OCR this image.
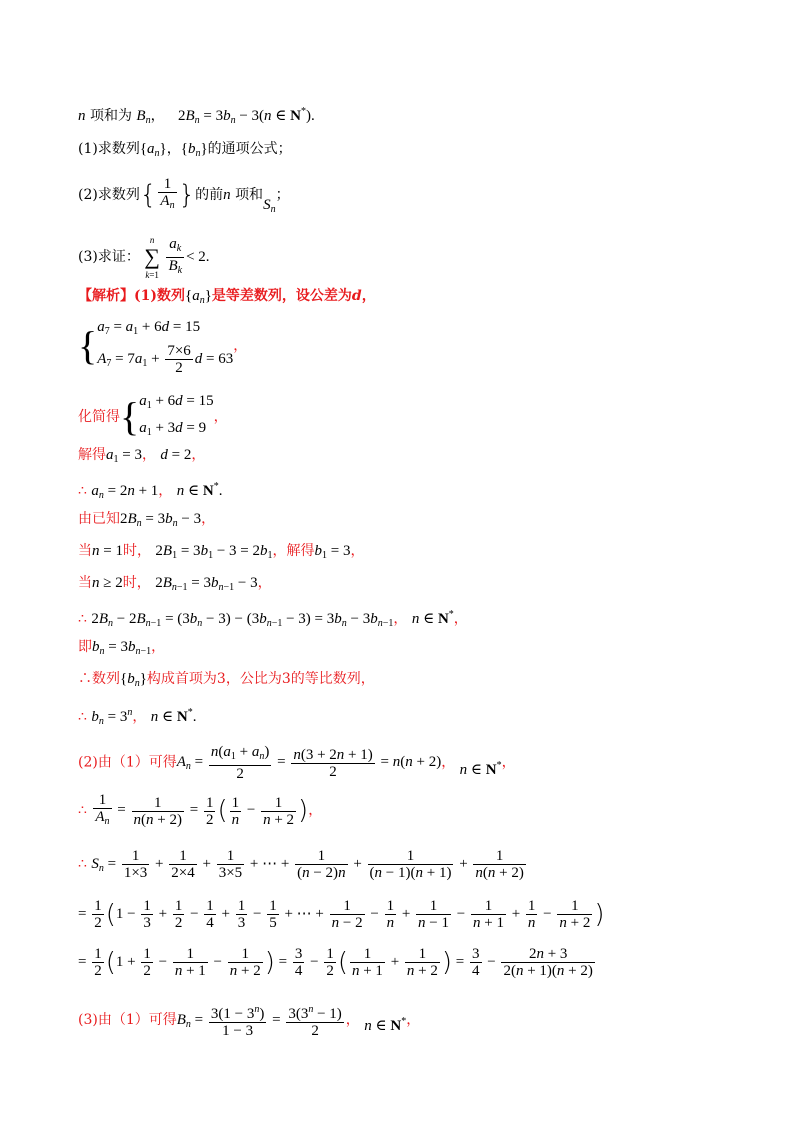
n 项和为 $B_n$， $2B_n = 3b_n - 3(n$ ∈ N*).
(1)求数列$\{a_n\}$，$\{b_n\}$的通项公式；
(2)求数列{ $\frac{1}{A_n}$ }的前n 项和$S_n$；
(3)求证： n
∑
$k=1 \frac{a_k}{B_k} < 2$.
【解析】(1)数列$\{a_n\}$是等差数列，设公差为d，
{$a_7 = a_1 + 6d = 15$
$A_7 = 7a_1 + \frac{7\times 6}{2}$ d = 63，
化简得{$a_1 + 6d = 15$
$a_1 + 3d = 9$，
解得$a_1 = 3$， d = 2，
∴ $a_n = 2n + 1$， n ∈ N*.
由已知$2B_n = 3b_n - 3$，
当n = 1时， $2B_1 = 3b_1 - 3 = 2b_1$，解得$b_1 = 3$，
当n ≥ 2时， $2B_{n-1} = 3b_{n-1} - 3$，
∴ $2B_n - 2B_{n-1} = (3b_n - 3) - (3b_{n-1} - 3) = 3b_n - 3b_{n-1}$， n ∈ N*，
即$b_n = 3b_{n-1}$，
∴数列$\{b_n\}$构成首项为3，公比为3的等比数列，
∴ $b_n = 3^n$， n ∈ N*.
(2)由（1）可得$A_n = \frac{n(a_1 + a_n)}{2} = \frac{n(3 + 2n + 1)}{2} = n(n + 2)$， n ∈ N*，
∴ $\frac{1}{A_n} = \frac{1}{n(n + 2)} = \frac{1}{2}$ ( $\frac{1}{n} - \frac{1}{n + 2}$ )，
∴ $S_n = \frac{1}{1\times 3} + \frac{1}{2\times 4} + \frac{1}{3\times 5}$ + ⋯ + $\frac{1}{(n - 2)n} + \frac{1}{(n - 1)(n + 1)} + \frac{1}{n(n + 2)}$
= $\frac{1}{2} (1 - \frac{1}{3} + \frac{1}{2} - \frac{1}{4} + \frac{1}{3} - \frac{1}{5}$ + ⋯ + $\frac{1}{n - 2} - \frac{1}{n} + \frac{1}{n - 1} - \frac{1}{n + 1} + \frac{1}{n} - \frac{1}{n + 2}$ )
= $\frac{1}{2} (1 + \frac{1}{2} - \frac{1}{n + 1} - \frac{1}{n + 2}$ ) = $\frac{3}{4} - \frac{1}{2}$ ( $\frac{1}{n + 1} + \frac{1}{n + 2}$ ) = $\frac{3}{4} - \frac{2n + 3}{2(n + 1)(n + 2)}$
(3)由（1）可得$B_n = \frac{3(1 - 3^n)}{1 - 3} = \frac{3(3^n - 1)}{2}$ ， n ∈ N*，
